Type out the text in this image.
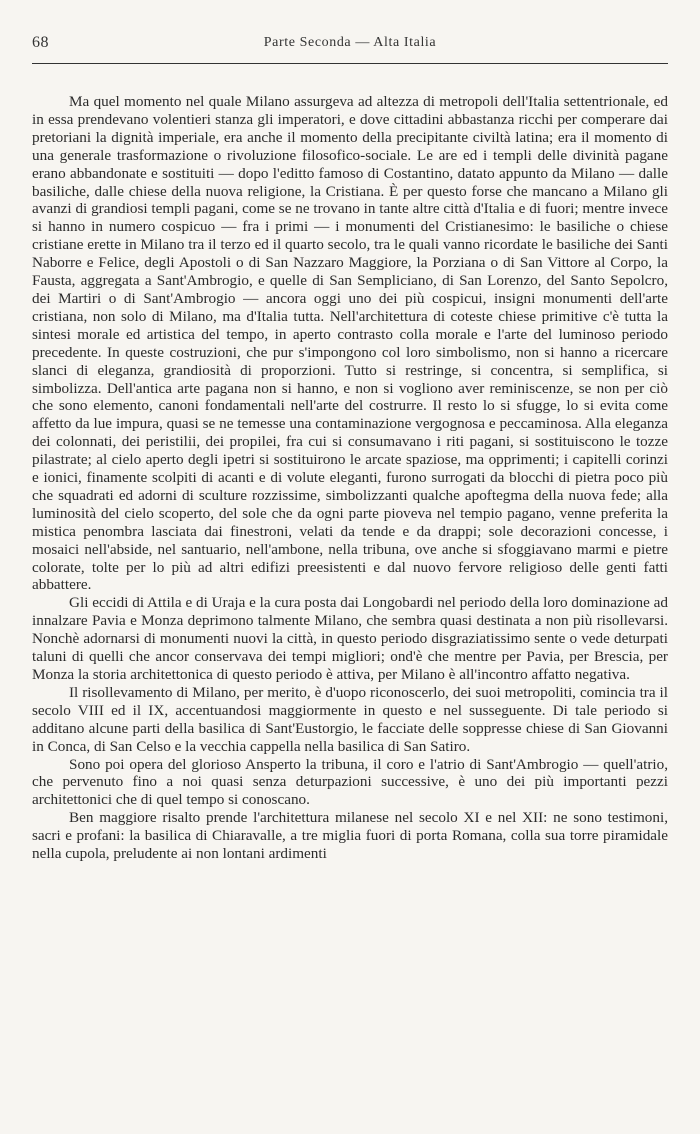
68	Parte Seconda — Alta Italia

Ma quel momento nel quale Milano assurgeva ad altezza di metropoli dell'Italia settentrionale, ed in essa prendevano volentieri stanza gli imperatori, e dove cittadini abbastanza ricchi per comperare dai pretoriani la dignità imperiale, era anche il momento della precipitante civiltà latina; era il momento di una generale trasformazione o rivoluzione filosofico-sociale. Le are ed i templi delle divinità pagane erano abbandonate e sostituiti — dopo l'editto famoso di Costantino, datato appunto da Milano — dalle basiliche, dalle chiese della nuova religione, la Cristiana. È per questo forse che mancano a Milano gli avanzi di grandiosi templi pagani, come se ne trovano in tante altre città d'Italia e di fuori; mentre invece si hanno in numero cospicuo — fra i primi — i monumenti del Cristianesimo: le basiliche o chiese cristiane erette in Milano tra il terzo ed il quarto secolo, tra le quali vanno ricordate le basiliche dei Santi Naborre e Felice, degli Apostoli o di San Nazzaro Maggiore, la Porziana o di San Vittore al Corpo, la Fausta, aggregata a Sant'Ambrogio, e quelle di San Sempliciano, di San Lorenzo, del Santo Sepolcro, dei Martiri o di Sant'Ambrogio — ancora oggi uno dei più cospicui, insigni monumenti dell'arte cristiana, non solo di Milano, ma d'Italia tutta. Nell'architettura di coteste chiese primitive c'è tutta la sintesi morale ed artistica del tempo, in aperto contrasto colla morale e l'arte del luminoso periodo precedente. In queste costruzioni, che pur s'impongono col loro simbolismo, non si hanno a ricercare slanci di eleganza, grandiosità di proporzioni. Tutto si restringe, si concentra, si semplifica, si simbolizza. Dell'antica arte pagana non si hanno, e non si vogliono aver reminiscenze, se non per ciò che sono elemento, canoni fondamentali nell'arte del costrurre. Il resto lo si sfugge, lo si evita come affetto da lue impura, quasi se ne temesse una contaminazione vergognosa e peccaminosa. Alla eleganza dei colonnati, dei peristilii, dei propilei, fra cui si consumavano i riti pagani, si sostituiscono le tozze pilastrate; al cielo aperto degli ipetri si sostituirono le arcate spaziose, ma opprimenti; i capitelli corinzi e ionici, finamente scolpiti di acanti e di volute eleganti, furono surrogati da blocchi di pietra poco più che squadrati ed adorni di sculture rozzissime, simbolizzanti qualche apoftegma della nuova fede; alla luminosità del cielo scoperto, del sole che da ogni parte pioveva nel tempio pagano, venne preferita la mistica penombra lasciata dai finestroni, velati da tende e da drappi; sole decorazioni concesse, i mosaici nell'abside, nel santuario, nell'ambone, nella tribuna, ove anche si sfoggiavano marmi e pietre colorate, tolte per lo più ad altri edifizi preesistenti e dal nuovo fervore religioso delle genti fatti abbattere.

Gli eccidi di Attila e di Uraja e la cura posta dai Longobardi nel periodo della loro dominazione ad innalzare Pavia e Monza deprimono talmente Milano, che sembra quasi destinata a non più risollevarsi. Nonchè adornarsi di monumenti nuovi la città, in questo periodo disgraziatissimo sente o vede deturpati taluni di quelli che ancor conservava dei tempi migliori; ond'è che mentre per Pavia, per Brescia, per Monza la storia architettonica di questo periodo è attiva, per Milano è all'incontro affatto negativa.

Il risollevamento di Milano, per merito, è d'uopo riconoscerlo, dei suoi metropoliti, comincia tra il secolo VIII ed il IX, accentuandosi maggiormente in questo e nel susseguente. Di tale periodo si additano alcune parti della basilica di Sant'Eustorgio, le facciate delle soppresse chiese di San Giovanni in Conca, di San Celso e la vecchia cappella nella basilica di San Satiro.

Sono poi opera del glorioso Ansperto la tribuna, il coro e l'atrio di Sant'Ambrogio — quell'atrio, che pervenuto fino a noi quasi senza deturpazioni successive, è uno dei più importanti pezzi architettonici che di quel tempo si conoscano.

Ben maggiore risalto prende l'architettura milanese nel secolo XI e nel XII: ne sono testimoni, sacri e profani: la basilica di Chiaravalle, a tre miglia fuori di porta Romana, colla sua torre piramidale nella cupola, preludente ai non lontani ardimenti
